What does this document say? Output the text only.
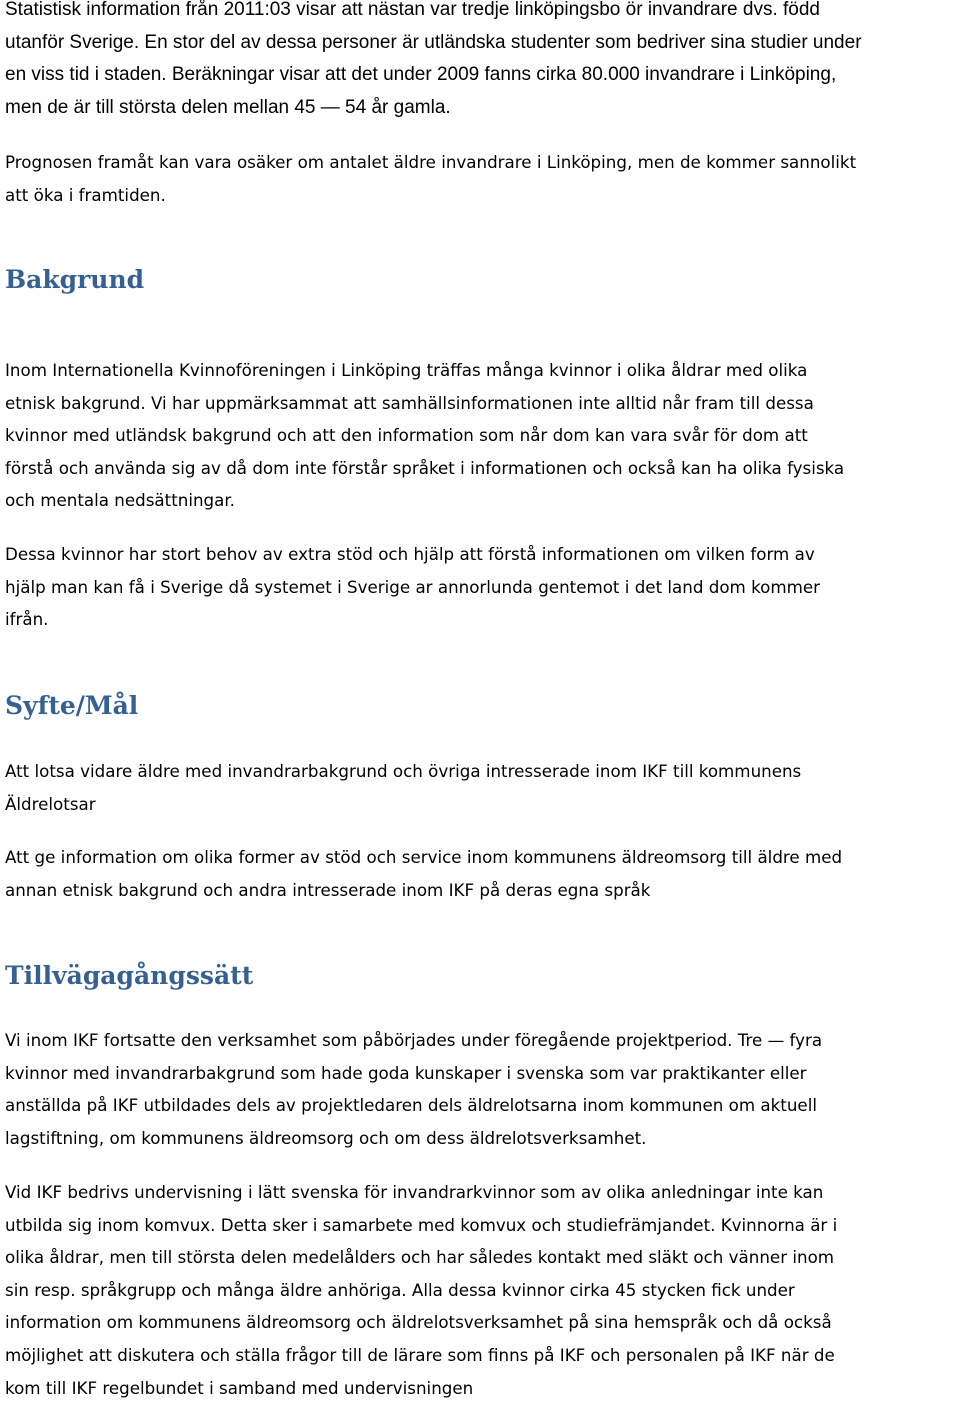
Statistisk information från 2011:03 visar att nästan var tredje linköpingsbo ör invandrare dvs. född
utanför Sverige. En stor del av dessa personer är utländska studenter som bedriver sina studier under
en viss tid i staden. Beräkningar visar att det under 2009 fanns cirka 80.000 invandrare i Linköping,
men de är till största delen mellan 45 — 54 år gamla.

Prognosen framåt kan vara osäker om antalet äldre invandrare i Linköping, men de kommer sannolikt
att öka i framtiden.

Bakgrund

Inom Internationella Kvinnoföreningen i Linköping träffas många kvinnor i olika åldrar med olika
etnisk bakgrund. Vi har uppmärksammat att samhällsinformationen inte alltid når fram till dessa
kvinnor med utländsk bakgrund och att den information som når dom kan vara svår för dom att
förstå och använda sig av då dom inte förstår språket i informationen och också kan ha olika fysiska
och mentala nedsättningar.

Dessa kvinnor har stort behov av extra stöd och hjälp att förstå informationen om vilken form av
hjälp man kan få i Sverige då systemet i Sverige ar annorlunda gentemot i det land dom kommer
ifrån.

Syfte/Mål

Att lotsa vidare äldre med invandrarbakgrund och övriga intresserade inom IKF till kommunens
Äldrelotsar

Att ge information om olika former av stöd och service inom kommunens äldreomsorg till äldre med
annan etnisk bakgrund och andra intresserade inom IKF på deras egna språk

Tillvägagångssätt

Vi inom IKF fortsatte den verksamhet som påbörjades under föregående projektperiod. Tre — fyra
kvinnor med invandrarbakgrund som hade goda kunskaper i svenska som var praktikanter eller
anställda på IKF utbildades dels av projektledaren dels äldrelotsarna inom kommunen om aktuell
lagstiftning, om kommunens äldreomsorg och om dess äldrelotsverksamhet.

Vid IKF bedrivs undervisning i lätt svenska för invandrarkvinnor som av olika anledningar inte kan
utbilda sig inom komvux. Detta sker i samarbete med komvux och studiefrämjandet. Kvinnorna är i
olika åldrar, men till största delen medelålders och har således kontakt med släkt och vänner inom
sin resp. språkgrupp och många äldre anhöriga. Alla dessa kvinnor cirka 45 stycken fick under
information om kommunens äldreomsorg och äldrelotsverksamhet på sina hemspråk och då också
möjlighet att diskutera och ställa frågor till de lärare som finns på IKF och personalen på IKF när de
kom till IKF regelbundet i samband med undervisningen
